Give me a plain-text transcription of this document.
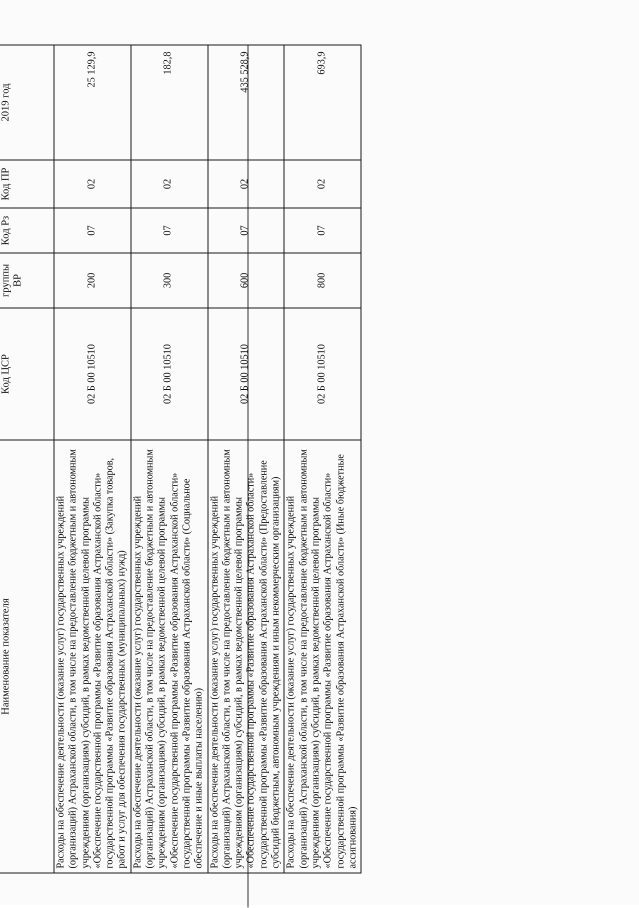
Наименование показателя	Код ЦСР	группы ВР	Код Рз	Код ПР	2019 год
Расходы на обеспечение деятельности (оказание услуг) государственных учреждений (организаций) Астраханской области, в том числе на предоставление бюджетным и автономным учреждениям (организациям) субсидий, в рамках ведомственной целевой программы «Обеспечение государственной программы «Развитие образования Астраханской области» государственной программы «Развитие образования Астраханской области» (Закупка товаров, работ и услуг для обеспечения государственных (муниципальных) нужд)	02 Б 00 10510	200	07	02	25 129,9
Расходы на обеспечение деятельности (оказание услуг) государственных учреждений (организаций) Астраханской области, в том числе на предоставление бюджетным и автономным учреждениям (организациям) субсидий, в рамках ведомственной целевой программы «Обеспечение государственной программы «Развитие образования Астраханской области» государственной программы «Развитие образования Астраханской области» (Социальное обеспечение и иные выплаты населению)	02 Б 00 10510	300	07	02	182,8
Расходы на обеспечение деятельности (оказание услуг) государственных учреждений (организаций) Астраханской области, в том числе на предоставление бюджетным и автономным учреждениям (организациям) субсидий, в рамках ведомственной целевой программы «Обеспечение государственной программы «Развитие образования Астраханской области» государственной программы «Развитие образования Астраханской области» (Предоставление субсидий бюджетным, автономным учреждениям и иным некоммерческим организациям)	02 Б 00 10510	600	07	02	435 528,9
Расходы на обеспечение деятельности (оказание услуг) государственных учреждений (организаций) Астраханской области, в том числе на предоставление бюджетным и автономным учреждениям (организациям) субсидий, в рамках ведомственной целевой программы «Обеспечение государственной программы «Развитие образования Астраханской области» государственной программы «Развитие образования Астраханской области» (Иные бюджетные ассигнования)	02 Б 00 10510	800	07	02	693,9
